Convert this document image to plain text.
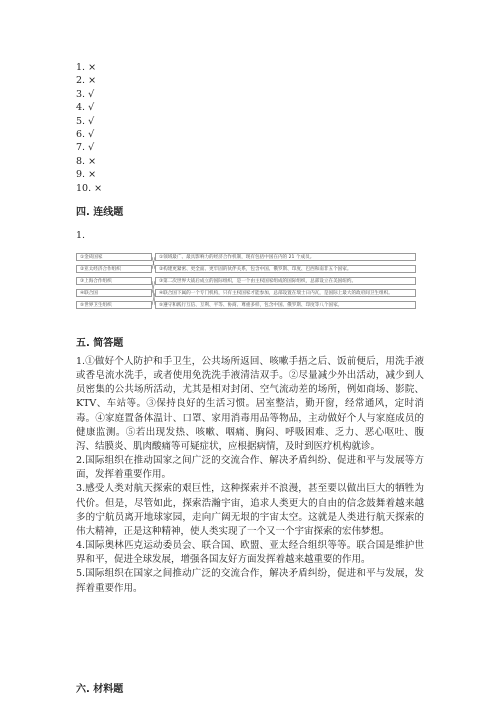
1. ×
2. ×
3. √
4. √
5. √
6. √
7. √
8. ×
9. ×
10. ×
四. 连线题
1.
①金砖国家
②亚太经济合作组织
③上海合作组织
④联合国
⑤世界卫生组织
①领域最广、最具影响力的经济合作机制，现有包括中国在内的 21 个成员。
②构建更紧密、更全面、更牢固的伙伴关系，包含中国、俄罗斯、印度、巴西和南非五个国家。
③第二次世界大战后成立的国际组织，是一个由主权国家组成的国际组织，总部设立在美国纽约。
④联合国下属的一个专门机构，只有主权国家才能参加，总部设置在瑞士日内瓦，是国际上最大的政府间卫生组织。
⑤遵守和践行互信、互利、平等、协商、尊重多样，包含中国、俄罗斯、印度等八个国家。
五. 简答题

1.①做好个人防护和手卫生，公共场所返回、咳嗽手捂之后、饭前便后，用洗手液或香皂流水洗手，或者使用免洗洗手液清洁双手。②尽量减少外出活动，减少到人员密集的公共场所活动，尤其是相对封闭、空气流动差的场所，例如商场、影院、KTV、车站等。③保持良好的生活习惯。居室整洁，勤开窗，经常通风，定时消毒。④家庭置备体温计、口罩、家用消毒用品等物品，主动做好个人与家庭成员的健康监测。⑤若出现发热、咳嗽、咽痛、胸闷、呼吸困难、乏力、恶心呕吐、腹泻、结膜炎、肌肉酸痛等可疑症状，应根据病情，及时到医疗机构就诊。

2.国际组织在推动国家之间广泛的交流合作、解决矛盾纠纷、促进和平与发展等方面，发挥着重要作用。

3.感受人类对航天探索的艰巨性，这种探索并不浪漫，甚至要以做出巨大的牺牲为代价。但是，尽管如此，探索浩瀚宇宙，追求人类更大的自由的信念鼓舞着越来越多的宁航员离开地球家园，走向广阔无垠的宇宙太空。这就是人类进行航天探索的伟大精神，正是这种精神，使人类实现了一个又一个宇宙探索的宏伟梦想。

4.国际奥林匹克运动委员会、联合国、欧盟、亚太经合组织等等。联合国是维护世界和平，促进全球发展，增强各国友好方面发挥着越来越重要的作用。

5.国际组织在国家之间推动广泛的交流合作，解决矛盾纠纷，促进和平与发展，发挥着重要作用。

六. 材料题
